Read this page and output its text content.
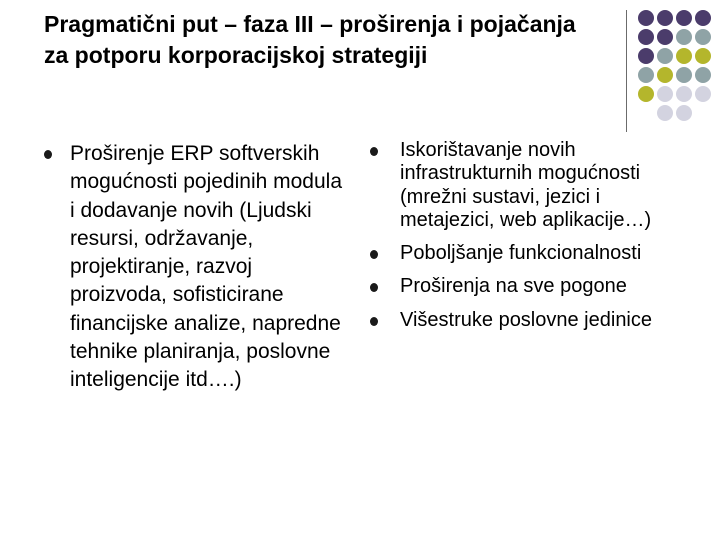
Pragmatični put – faza III – proširenja i pojačanja za potporu korporacijskoj strategiji
Proširenje ERP softverskih mogućnosti pojedinih modula i dodavanje novih (Ljudski resursi, održavanje, projektiranje, razvoj proizvoda, sofisticirane financijske analize, napredne tehnike planiranja, poslovne inteligencije itd….)
Iskorištavanje novih infrastrukturnih mogućnosti (mrežni sustavi, jezici i metajezici, web aplikacije…)
Poboljšanje funkcionalnosti
Proširenja na sve pogone
Višestruke poslovne jedinice
